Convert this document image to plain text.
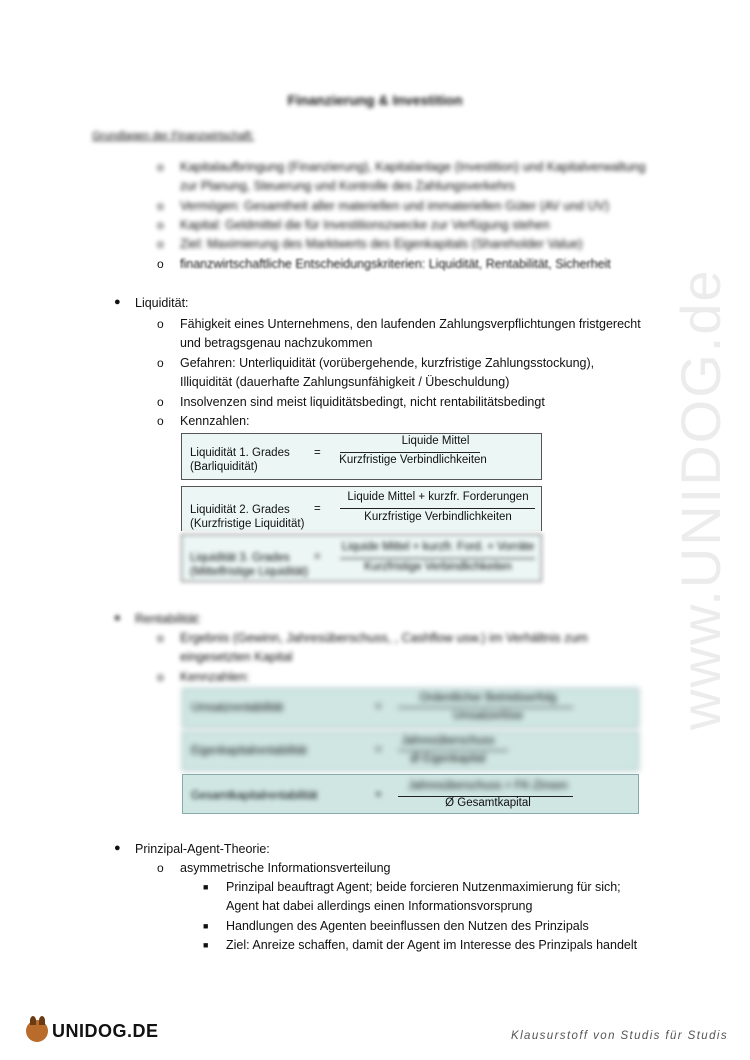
Finanzierung & Investition
Grundlagen der Finanzwirtschaft:
o Kapitalaufbringung (Finanzierung), Kapitalanlage (Investition) und Kapitalverwaltung
zur Planung, Steuerung und Kontrolle des Zahlungsverkehrs
o Vermögen: Gesamtheit aller materiellen und immateriellen Güter (AV und UV)
o Kapital: Geldmittel die für Investitionszwecke zur Verfügung stehen
o Ziel: Maximierung des Marktwerts des Eigenkapitals (Shareholder Value)
o finanzwirtschaftliche Entscheidungskriterien: Liquidität, Rentabilität, Sicherheit
● Liquidität:
o Fähigkeit eines Unternehmens, den laufenden Zahlungsverpflichtungen fristgerecht
und betragsgenau nachzukommen
o Gefahren: Unterliquidität (vorübergehende, kurzfristige Zahlungsstockung),
Illiquidität (dauerhafte Zahlungsunfähigkeit / Übeschuldung)
o Insolvenzen sind meist liquiditätsbedingt, nicht rentabilitätsbedingt
o Kennzahlen:
Liquidität 1. Grades
(Barliquidität)
=
Liquide Mittel
Kurzfristige Verbindlichkeiten
Liquidität 2. Grades
(Kurzfristige Liquidität)
=
Liquide Mittel + kurzfr. Forderungen
Kurzfristige Verbindlichkeiten
Liquidität 3. Grades
(Mittelfristige Liquidität)
=
Liquide Mittel + kurzfr. Ford. + Vorräte
Kurzfristige Verbindlichkeiten
● Rentabilität:
o Ergebnis (Gewinn, Jahresüberschuss, , Cashflow usw.) im Verhältnis zum
eingesetzten Kapital
o Kennzahlen:
Umsatzrentabilität	=
Ordentlicher Betriebserfolg
Umsatzerlöse
Eigenkapitalrentabilität	=
Jahresüberschuss
Ø Eigenkapital
Gesamtkapitalrentabilität	=
Jahresüberschuss + FK-Zinsen
Ø Gesamtkapital
● Prinzipal-Agent-Theorie:
o asymmetrische Informationsverteilung
■ Prinzipal beauftragt Agent; beide forcieren Nutzenmaximierung für sich;
Agent hat dabei allerdings einen Informationsvorsprung
■ Handlungen des Agenten beeinflussen den Nutzen des Prinzipals
■ Ziel: Anreize schaffen, damit der Agent im Interesse des Prinzipals handelt
www.UNIDOG.de
UNIDOG.DE	Klausurstoff von Studis für Studis
